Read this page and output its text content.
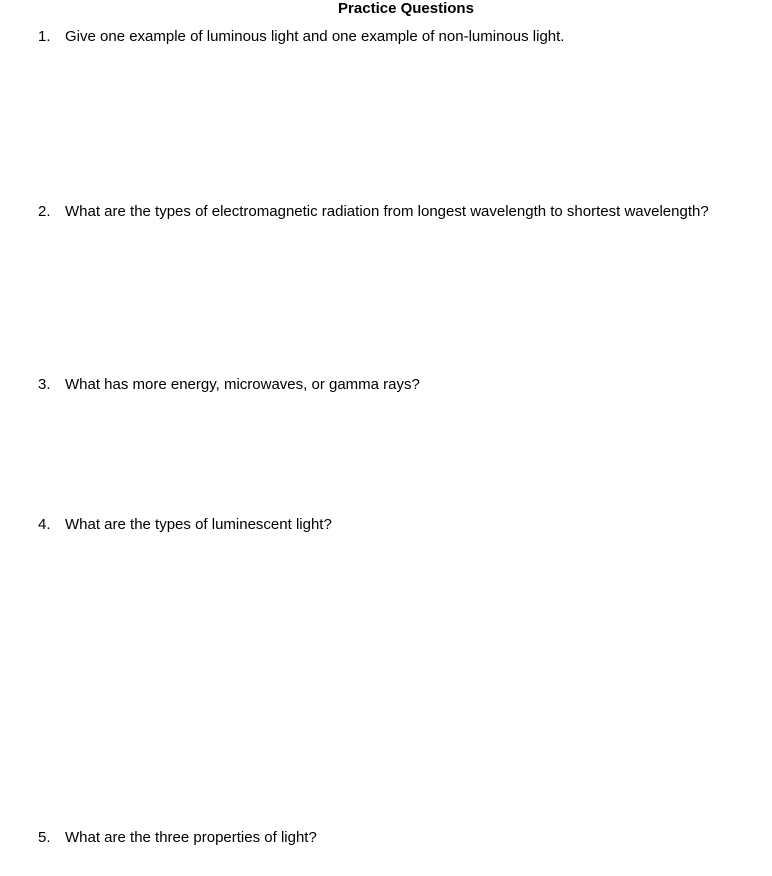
Practice Questions
1. Give one example of luminous light and one example of non-luminous light.
2. What are the types of electromagnetic radiation from longest wavelength to shortest wavelength?
3. What has more energy, microwaves, or gamma rays?
4. What are the types of luminescent light?
5. What are the three properties of light?
